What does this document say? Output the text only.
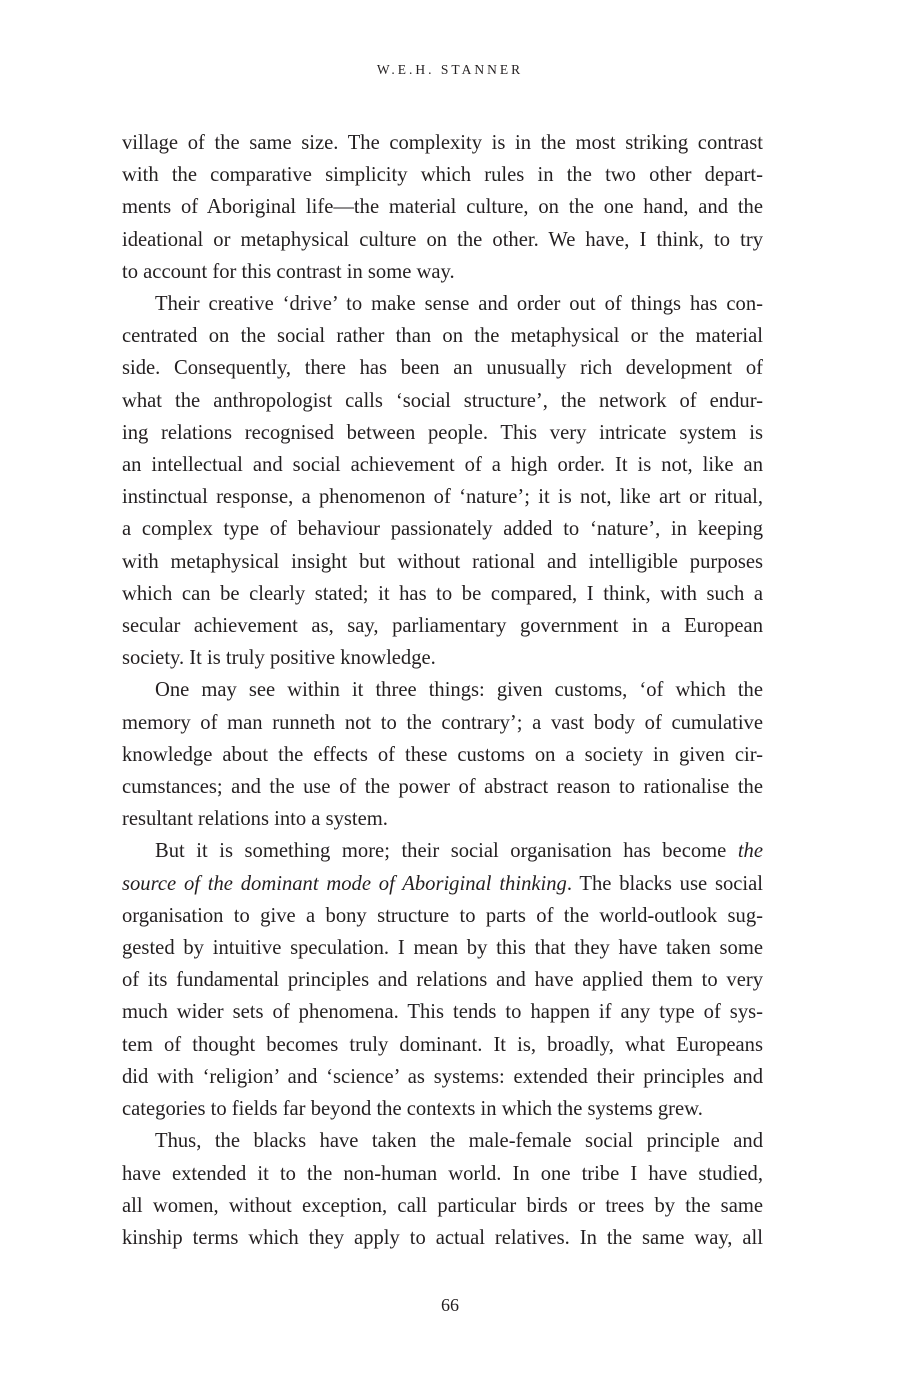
W.E.H. STANNER
village of the same size. The complexity is in the most striking contrast
with the comparative simplicity which rules in the two other depart-
ments of Aboriginal life—the material culture, on the one hand, and the
ideational or metaphysical culture on the other. We have, I think, to try
to account for this contrast in some way.
Their creative ‘drive’ to make sense and order out of things has con-
centrated on the social rather than on the metaphysical or the material
side. Consequently, there has been an unusually rich development of
what the anthropologist calls ‘social structure’, the network of endur-
ing relations recognised between people. This very intricate system is
an intellectual and social achievement of a high order. It is not, like an
instinctual response, a phenomenon of ‘nature’; it is not, like art or ritual,
a complex type of behaviour passionately added to ‘nature’, in keeping
with metaphysical insight but without rational and intelligible purposes
which can be clearly stated; it has to be compared, I think, with such a
secular achievement as, say, parliamentary government in a European
society. It is truly positive knowledge.
One may see within it three things: given customs, ‘of which the
memory of man runneth not to the contrary’; a vast body of cumulative
knowledge about the effects of these customs on a society in given cir-
cumstances; and the use of the power of abstract reason to rationalise the
resultant relations into a system.
But it is something more; their social organisation has become the
source of the dominant mode of Aboriginal thinking. The blacks use social
organisation to give a bony structure to parts of the world-outlook sug-
gested by intuitive speculation. I mean by this that they have taken some
of its fundamental principles and relations and have applied them to very
much wider sets of phenomena. This tends to happen if any type of sys-
tem of thought becomes truly dominant. It is, broadly, what Europeans
did with ‘religion’ and ‘science’ as systems: extended their principles and
categories to fields far beyond the contexts in which the systems grew.
Thus, the blacks have taken the male-female social principle and
have extended it to the non-human world. In one tribe I have studied,
all women, without exception, call particular birds or trees by the same
kinship terms which they apply to actual relatives. In the same way, all
66
